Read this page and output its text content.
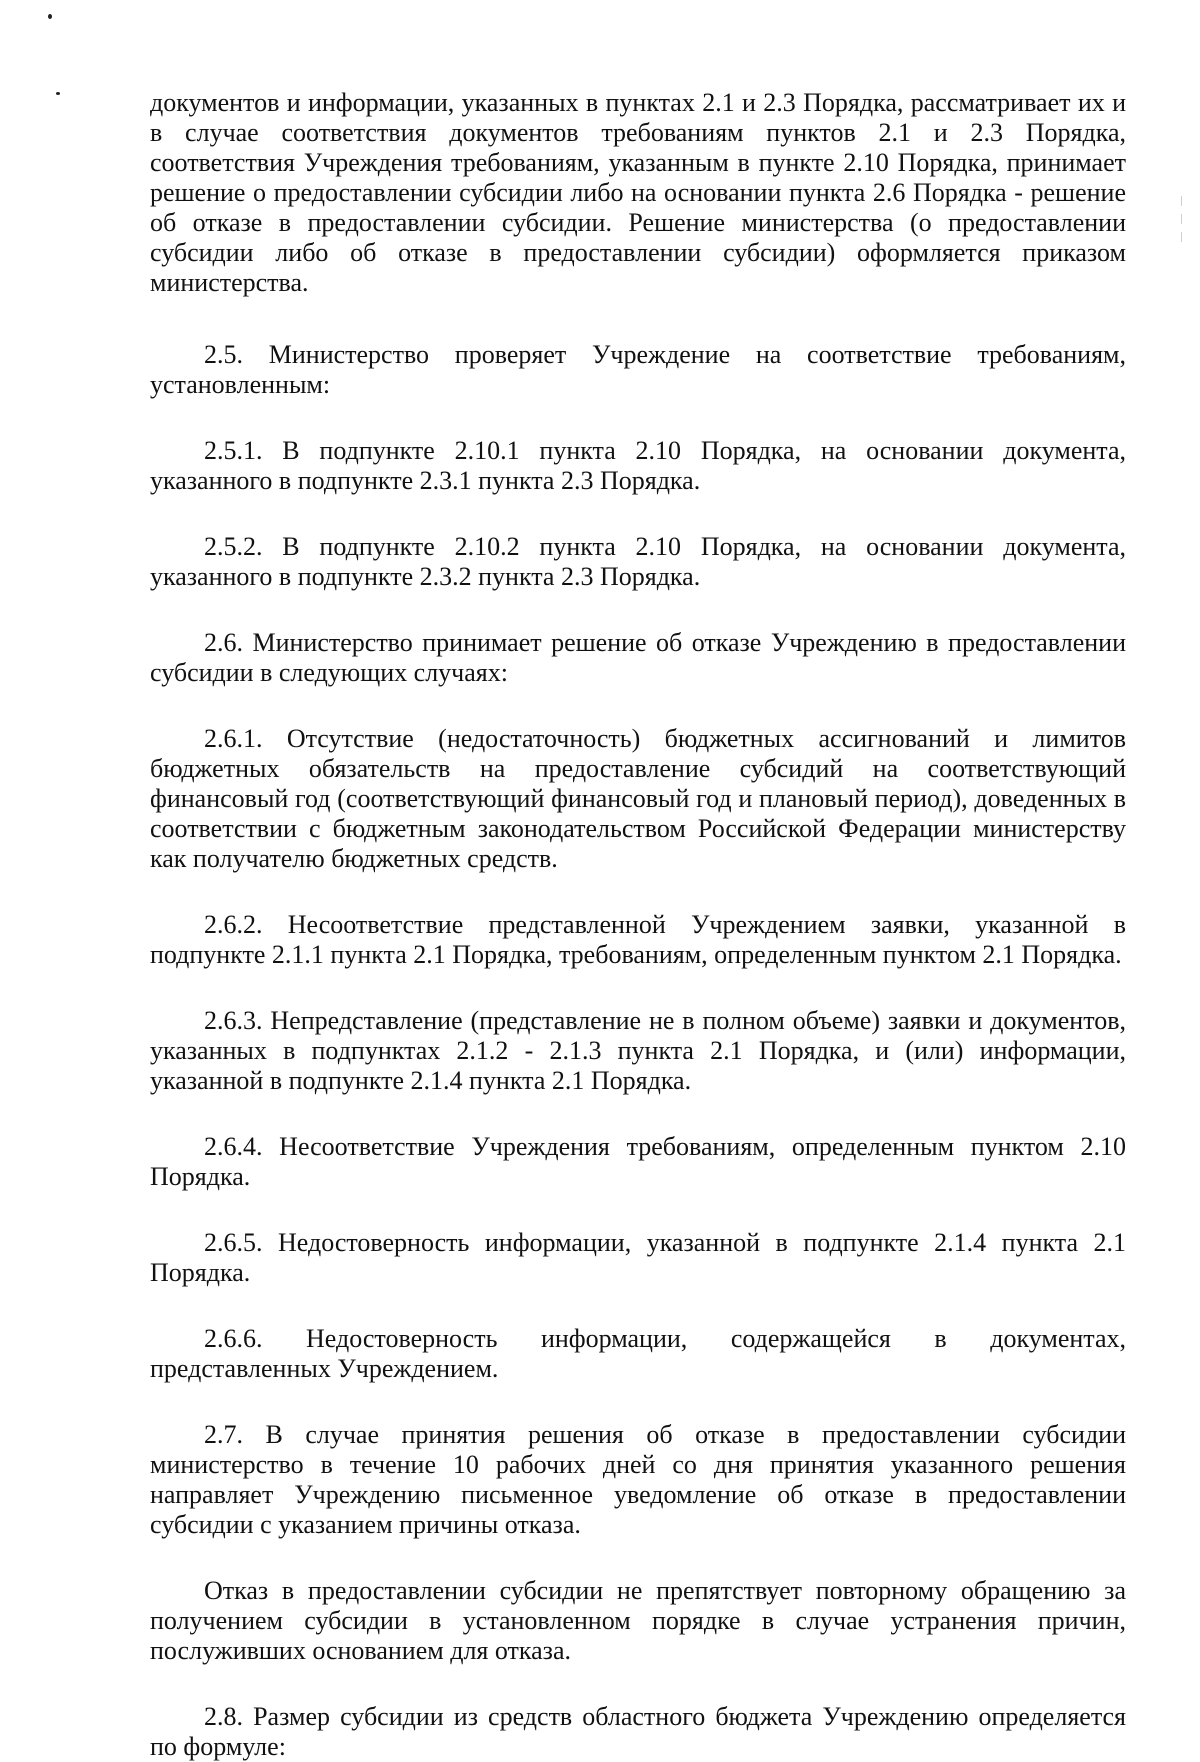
документов и информации, указанных в пунктах 2.1 и 2.3 Порядка, рассматривает их и в случае соответствия документов требованиям пунктов 2.1 и 2.3 Порядка, соответствия Учреждения требованиям, указанным в пункте 2.10 Порядка, принимает решение о предоставлении субсидии либо на основании пункта 2.6 Порядка - решение об отказе в предоставлении субсидии. Решение министерства (о предоставлении субсидии либо об отказе в предоставлении субсидии) оформляется приказом министерства.

2.5. Министерство проверяет Учреждение на соответствие требованиям, установленным:

2.5.1. В подпункте 2.10.1 пункта 2.10 Порядка, на основании документа, указанного в подпункте 2.3.1 пункта 2.3 Порядка.

2.5.2. В подпункте 2.10.2 пункта 2.10 Порядка, на основании документа, указанного в подпункте 2.3.2 пункта 2.3 Порядка.

2.6. Министерство принимает решение об отказе Учреждению в предоставлении субсидии в следующих случаях:

2.6.1. Отсутствие (недостаточность) бюджетных ассигнований и лимитов бюджетных обязательств на предоставление субсидий на соответствующий финансовый год (соответствующий финансовый год и плановый период), доведенных в соответствии с бюджетным законодательством Российской Федерации министерству как получателю бюджетных средств.

2.6.2. Несоответствие представленной Учреждением заявки, указанной в подпункте 2.1.1 пункта 2.1 Порядка, требованиям, определенным пунктом 2.1 Порядка.

2.6.3. Непредставление (представление не в полном объеме) заявки и документов, указанных в подпунктах 2.1.2 - 2.1.3 пункта 2.1 Порядка, и (или) информации, указанной в подпункте 2.1.4 пункта 2.1 Порядка.

2.6.4. Несоответствие Учреждения требованиям, определенным пунктом 2.10 Порядка.

2.6.5. Недостоверность информации, указанной в подпункте 2.1.4 пункта 2.1 Порядка.

2.6.6. Недостоверность информации, содержащейся в документах, представленных Учреждением.

2.7. В случае принятия решения об отказе в предоставлении субсидии министерство в течение 10 рабочих дней со дня принятия указанного решения направляет Учреждению письменное уведомление об отказе в предоставлении субсидии с указанием причины отказа.

Отказ в предоставлении субсидии не препятствует повторному обращению за получением субсидии в установленном порядке в случае устранения причин, послуживших основанием для отказа.

2.8. Размер субсидии из средств областного бюджета Учреждению определяется по формуле:
